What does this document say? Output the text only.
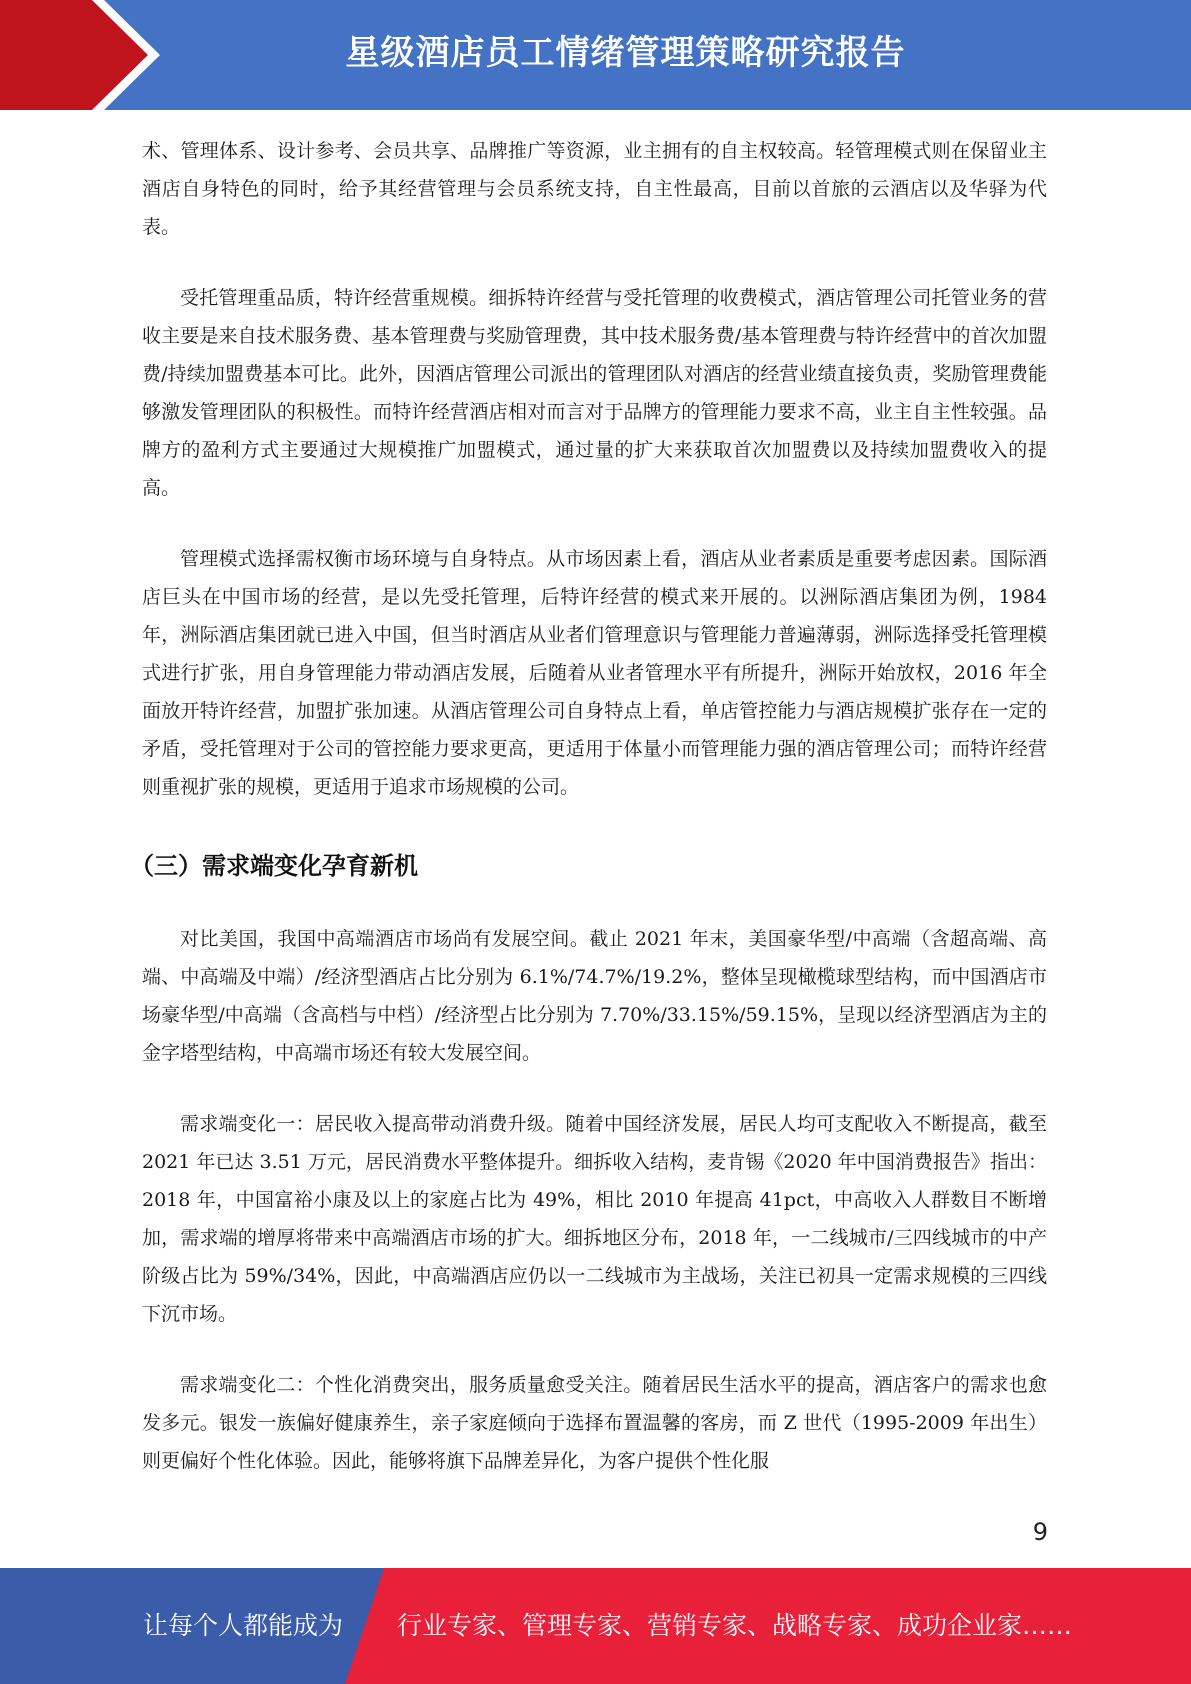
星级酒店员工情绪管理策略研究报告

术、管理体系、设计参考、会员共享、品牌推广等资源，业主拥有的自主权较高。轻管理模式则在保留业主酒店自身特色的同时，给予其经营管理与会员系统支持，自主性最高，目前以首旅的云酒店以及华驿为代表。

受托管理重品质，特许经营重规模。细拆特许经营与受托管理的收费模式，酒店管理公司托管业务的营收主要是来自技术服务费、基本管理费与奖励管理费，其中技术服务费/基本管理费与特许经营中的首次加盟费/持续加盟费基本可比。此外，因酒店管理公司派出的管理团队对酒店的经营业绩直接负责，奖励管理费能够激发管理团队的积极性。而特许经营酒店相对而言对于品牌方的管理能力要求不高，业主自主性较强。品牌方的盈利方式主要通过大规模推广加盟模式，通过量的扩大来获取首次加盟费以及持续加盟费收入的提高。

管理模式选择需权衡市场环境与自身特点。从市场因素上看，酒店从业者素质是重要考虑因素。国际酒店巨头在中国市场的经营，是以先受托管理，后特许经营的模式来开展的。以洲际酒店集团为例，1984 年，洲际酒店集团就已进入中国，但当时酒店从业者们管理意识与管理能力普遍薄弱，洲际选择受托管理模式进行扩张，用自身管理能力带动酒店发展，后随着从业者管理水平有所提升，洲际开始放权，2016 年全面放开特许经营，加盟扩张加速。从酒店管理公司自身特点上看，单店管控能力与酒店规模扩张存在一定的矛盾，受托管理对于公司的管控能力要求更高，更适用于体量小而管理能力强的酒店管理公司；而特许经营则重视扩张的规模，更适用于追求市场规模的公司。

（三）需求端变化孕育新机

对比美国，我国中高端酒店市场尚有发展空间。截止 2021 年末，美国豪华型/中高端（含超高端、高端、中高端及中端）/经济型酒店占比分别为 6.1%/74.7%/19.2%，整体呈现橄榄球型结构，而中国酒店市场豪华型/中高端（含高档与中档）/经济型占比分别为 7.70%/33.15%/59.15%，呈现以经济型酒店为主的金字塔型结构，中高端市场还有较大发展空间。

需求端变化一：居民收入提高带动消费升级。随着中国经济发展，居民人均可支配收入不断提高，截至 2021 年已达 3.51 万元，居民消费水平整体提升。细拆收入结构，麦肯锡《2020 年中国消费报告》指出：2018 年，中国富裕小康及以上的家庭占比为 49%，相比 2010 年提高 41pct，中高收入人群数目不断增加，需求端的增厚将带来中高端酒店市场的扩大。细拆地区分布，2018 年，一二线城市/三四线城市的中产阶级占比为 59%/34%，因此，中高端酒店应仍以一二线城市为主战场，关注已初具一定需求规模的三四线下沉市场。

需求端变化二：个性化消费突出，服务质量愈受关注。随着居民生活水平的提高，酒店客户的需求也愈发多元。银发一族偏好健康养生，亲子家庭倾向于选择布置温馨的客房，而 Z 世代（1995-2009 年出生）则更偏好个性化体验。因此，能够将旗下品牌差异化，为客户提供个性化服

9
让每个人都能成为 行业专家、管理专家、营销专家、战略专家、成功企业家……
